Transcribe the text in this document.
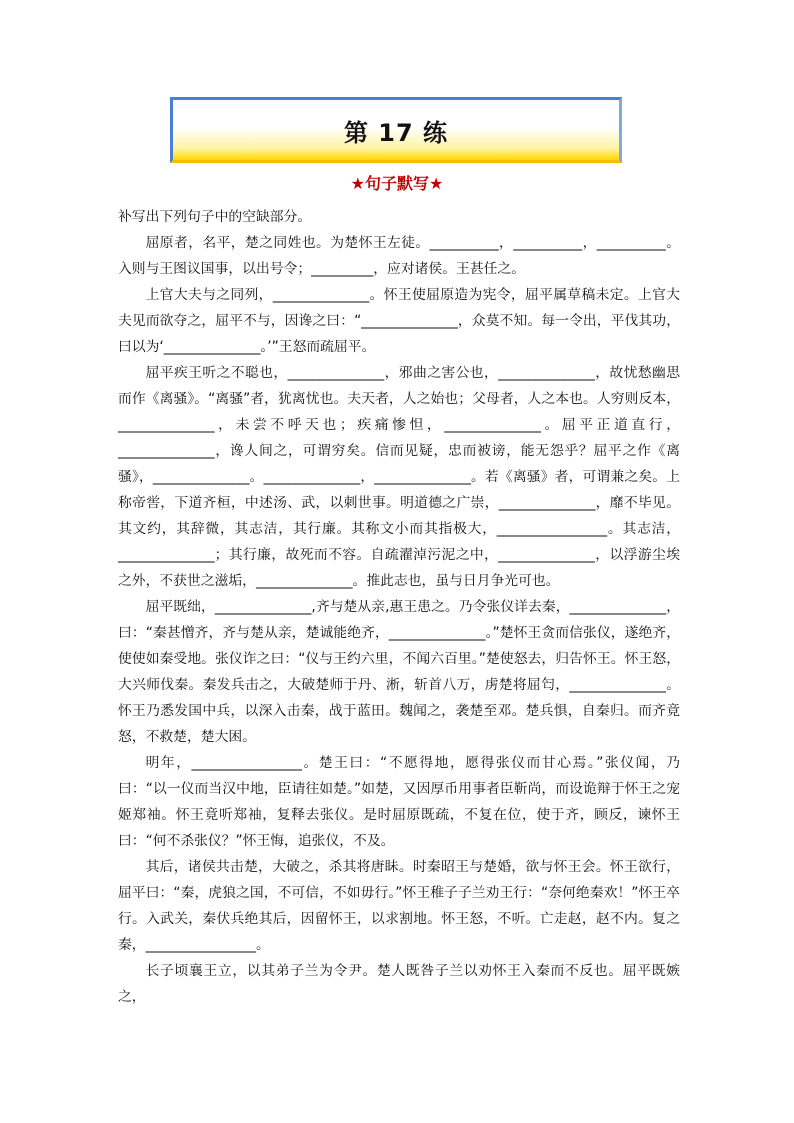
第 17 练
★句子默写★

补写出下列句子中的空缺部分。

屈原者，名平，楚之同姓也。为楚怀王左徒。__________，__________，__________。入则与王图议国事，以出号令；_________，应对诸侯。王甚任之。

上官大夫与之同列，______________。怀王使屈原造为宪令，屈平属草稿未定。上官大夫见而欲夺之，屈平不与，因谗之曰：“______________，众莫不知。每一令出，平伐其功，曰以为‘______________。’”王怒而疏屈平。

屈平疾王听之不聪也，______________，邪曲之害公也，______________，故忧愁幽思而作《离骚》。“离骚”者，犹离忧也。夫天者，人之始也；父母者，人之本也。人穷则反本，______________，未尝不呼天也；疾痛惨怛，______________。屈平正道直行，______________，谗人间之，可谓穷矣。信而见疑，忠而被谤，能无怨乎？屈平之作《离骚》，______________。______________，______________。若《离骚》者，可谓兼之矣。上称帝喾，下道齐桓，中述汤、武，以刺世事。明道德之广崇，______________，靡不毕见。其文约，其辞微，其志洁，其行廉。其称文小而其指极大，________________。其志洁，______________；其行廉，故死而不容。自疏濯淖污泥之中，______________，以浮游尘埃之外，不获世之滋垢，______________。推此志也，虽与日月争光可也。

屈平既绌，______________,齐与楚从亲,惠王患之。乃令张仪详去秦，______________，曰：“秦甚憎齐，齐与楚从亲，楚诚能绝齐，______________。”楚怀王贪而信张仪，遂绝齐，使使如秦受地。张仪诈之曰：“仪与王约六里，不闻六百里。”楚使怒去，归告怀王。怀王怒，大兴师伐秦。秦发兵击之，大破楚师于丹、淅，斩首八万，虏楚将屈匄，______________。怀王乃悉发国中兵，以深入击秦，战于蓝田。魏闻之，袭楚至邓。楚兵惧，自秦归。而齐竟怒，不救楚，楚大困。

明年，________________。楚王曰：“不愿得地，愿得张仪而甘心焉。”张仪闻，乃曰：“以一仪而当汉中地，臣请往如楚。”如楚，又因厚币用事者臣靳尚，而设诡辩于怀王之宠姬郑袖。怀王竟听郑袖，复释去张仪。是时屈原既疏，不复在位，使于齐，顾反，谏怀王曰：“何不杀张仪？”怀王悔，追张仪，不及。

其后，诸侯共击楚，大破之，杀其将唐眛。时秦昭王与楚婚，欲与怀王会。怀王欲行，屈平曰：“秦，虎狼之国，不可信，不如毋行。”怀王稚子子兰劝王行：“奈何绝秦欢！”怀王卒行。入武关，秦伏兵绝其后，因留怀王，以求割地。怀王怒，不听。亡走赵，赵不内。复之秦，________________。

长子顷襄王立，以其弟子兰为令尹。楚人既咎子兰以劝怀王入秦而不反也。屈平既嫉之，
